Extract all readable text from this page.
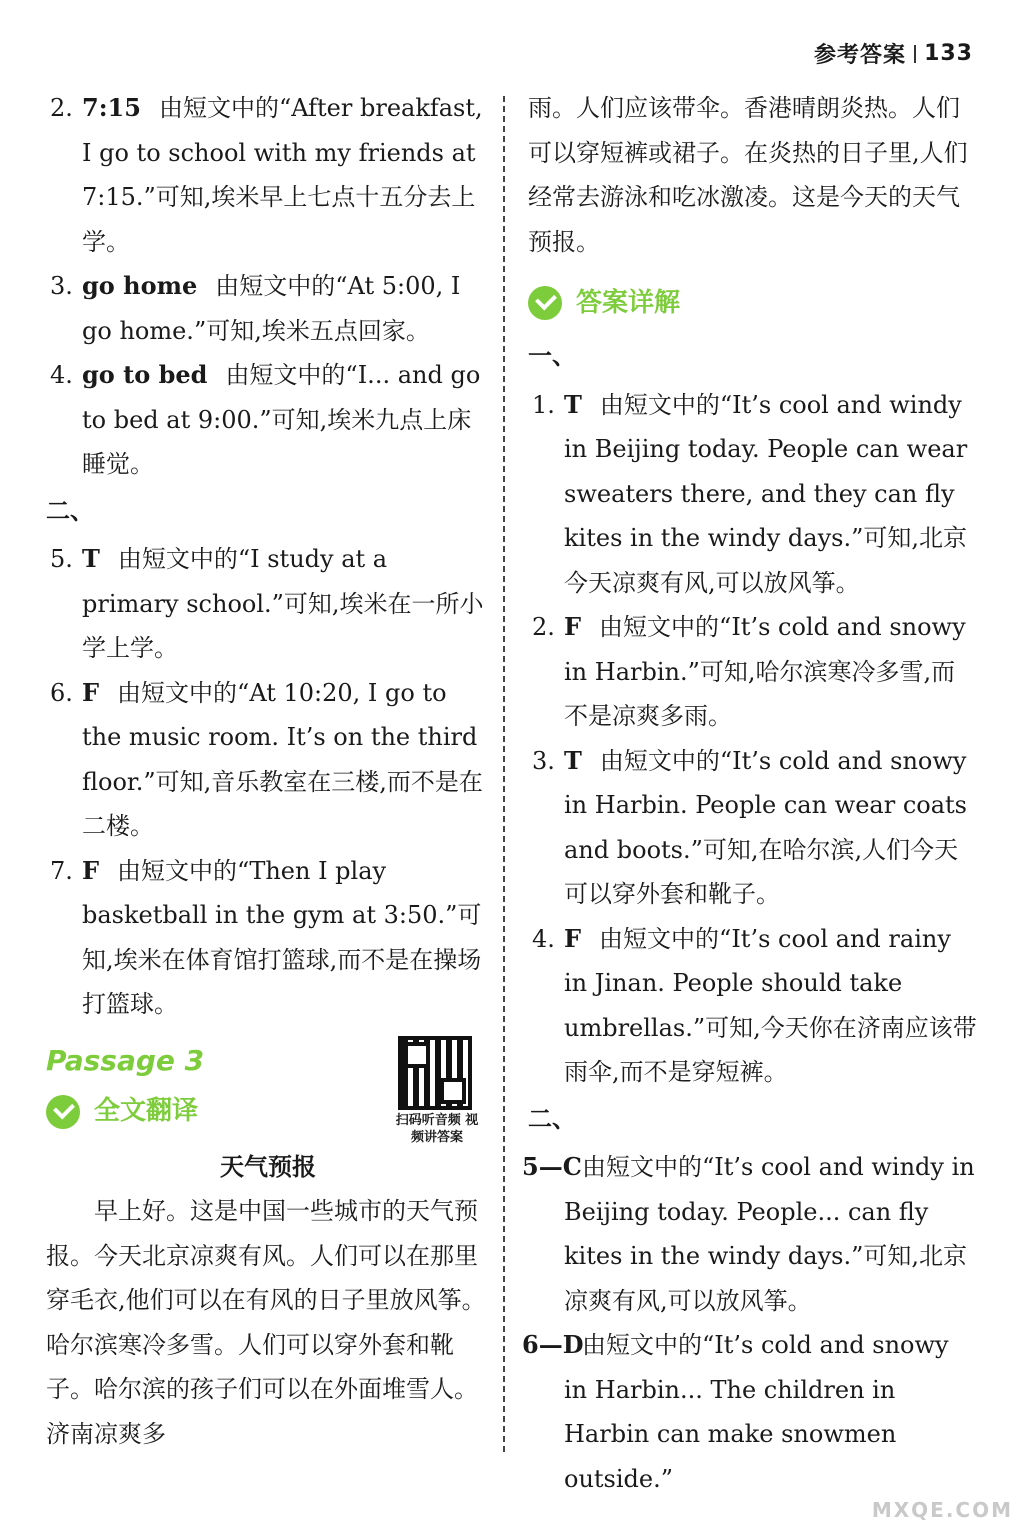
参考答案 133
2. 7:15 由短文中的“After breakfast, I go to school with my friends at 7:15.”可知,埃米早上七点十五分去上学。
3. go home 由短文中的“At 5:00, I go home.”可知,埃米五点回家。
4. go to bed 由短文中的“I... and go to bed at 9:00.”可知,埃米九点上床睡觉。
二、
5. T 由短文中的“I study at a primary school.”可知,埃米在一所小学上学。
6. F 由短文中的“At 10:20, I go to the music room. It’s on the third floor.”可知,音乐教室在三楼,而不是在二楼。
7. F 由短文中的“Then I play basketball in the gym at 3:50.”可知,埃米在体育馆打篮球,而不是在操场打篮球。
Passage 3
全文翻译
天气预报
早上好。这是中国一些城市的天气预报。今天北京凉爽有风。人们可以在那里穿毛衣,他们可以在有风的日子里放风筝。哈尔滨寒冷多雪。人们可以穿外套和靴子。哈尔滨的孩子们可以在外面堆雪人。济南凉爽多
扫码听音频 视频讲答案
雨。人们应该带伞。香港晴朗炎热。人们可以穿短裤或裙子。在炎热的日子里,人们经常去游泳和吃冰激凌。这是今天的天气预报。
答案详解
一、
1. T 由短文中的“It’s cool and windy in Beijing today. People can wear sweaters there, and they can fly kites in the windy days.”可知,北京今天凉爽有风,可以放风筝。
2. F 由短文中的“It’s cold and snowy in Harbin.”可知,哈尔滨寒冷多雪,而不是凉爽多雨。
3. T 由短文中的“It’s cold and snowy in Harbin. People can wear coats and boots.”可知,在哈尔滨,人们今天可以穿外套和靴子。
4. F 由短文中的“It’s cool and rainy in Jinan. People should take umbrellas.”可知,今天你在济南应该带雨伞,而不是穿短裤。
二、
5—C 由短文中的“It’s cool and windy in Beijing today. People... can fly kites in the windy days.”可知,北京凉爽有风,可以放风筝。
6—D
由短文中的“It’s cold and snowy in Harbin... The children in Harbin can make snowmen outside.”
MXQE.COM
